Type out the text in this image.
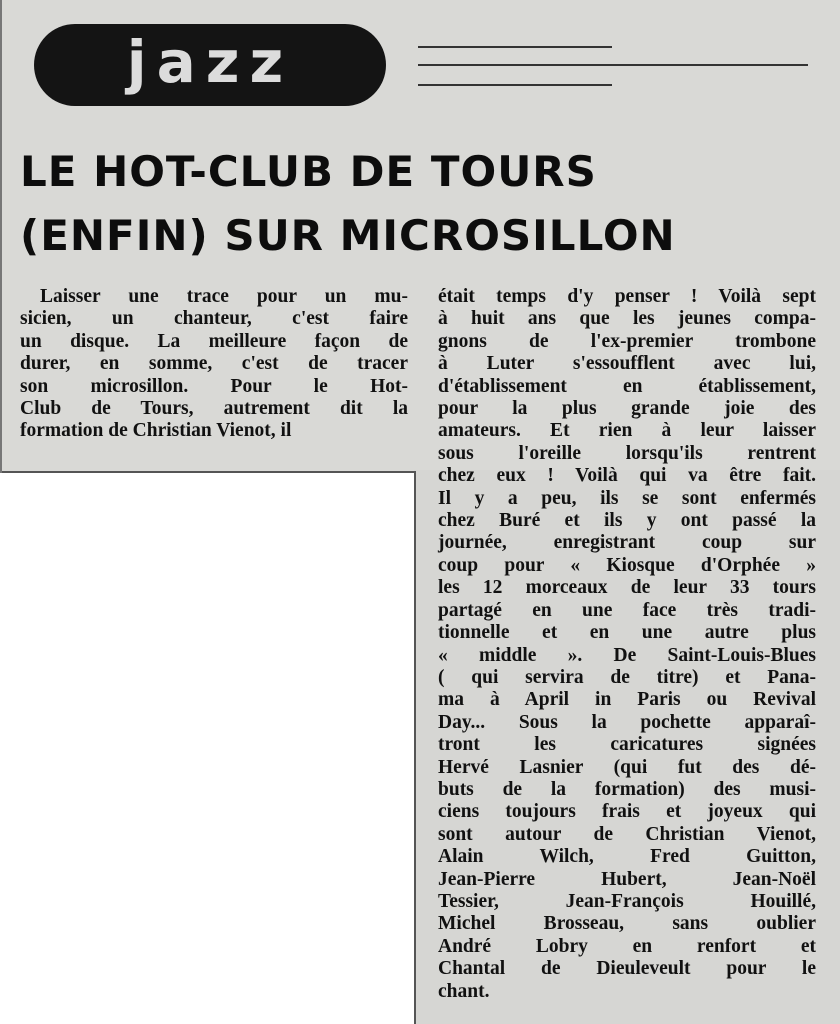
jazz
LE HOT-CLUB DE TOURS
(ENFIN) SUR MICROSILLON
Laisser une trace pour un mu-
sicien, un chanteur, c'est faire
un disque. La meilleure façon de
durer, en somme, c'est de tracer
son microsillon. Pour le Hot-
Club de Tours, autrement dit la
formation de Christian Vienot, il
était temps d'y penser ! Voilà sept
à huit ans que les jeunes compa-
gnons de l'ex-premier trombone
à Luter s'essoufflent avec lui,
d'établissement en établissement,
pour la plus grande joie des
amateurs. Et rien à leur laisser
sous l'oreille lorsqu'ils rentrent
chez eux ! Voilà qui va être fait.
Il y a peu, ils se sont enfermés
chez Buré et ils y ont passé la
journée, enregistrant coup sur
coup pour « Kiosque d'Orphée »
les 12 morceaux de leur 33 tours
partagé en une face très tradi-
tionnelle et en une autre plus
« middle ». De Saint-Louis-Blues
( qui servira de titre) et Pana-
ma à April in Paris ou Revival
Day... Sous la pochette apparaî-
tront les caricatures signées
Hervé Lasnier (qui fut des dé-
buts de la formation) des musi-
ciens toujours frais et joyeux qui
sont autour de Christian Vienot,
Alain Wilch, Fred Guitton,
Jean-Pierre Hubert, Jean-Noël
Tessier, Jean-François Houillé,
Michel Brosseau, sans oublier
André Lobry en renfort et
Chantal de Dieuleveult pour le
chant.
